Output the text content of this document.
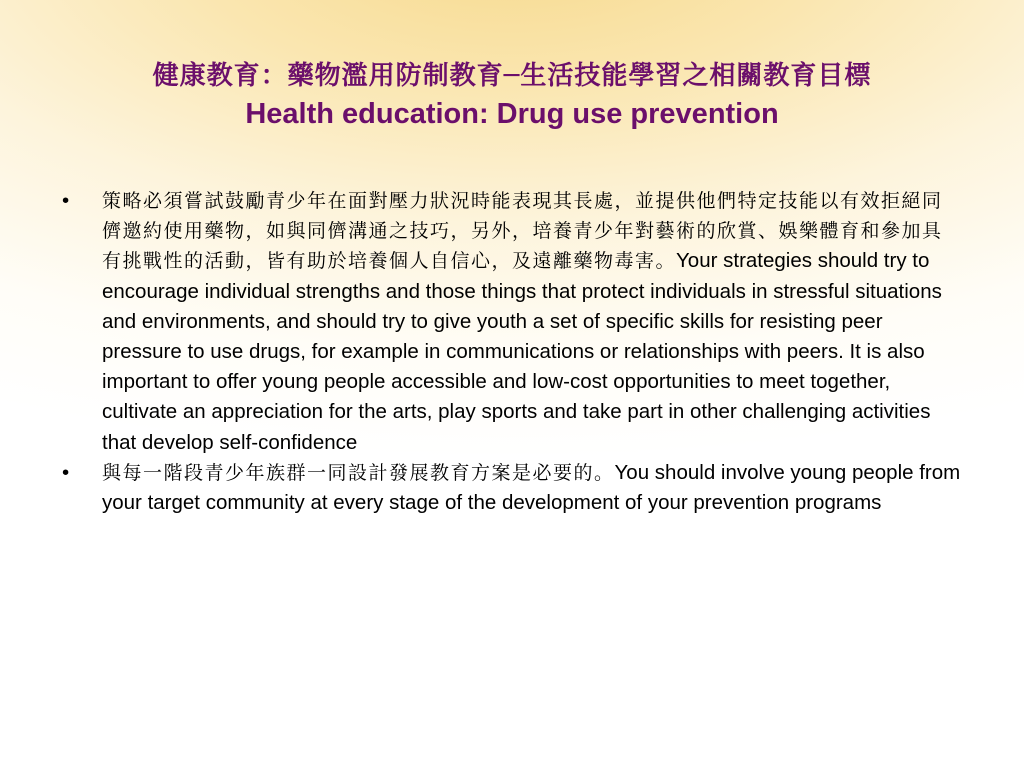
健康教育：藥物濫用防制教育─生活技能學習之相關教育目標
Health education: Drug use prevention
•	策略必須嘗試鼓勵青少年在面對壓力狀況時能表現其長處，並提供他們特定技能以有效拒絕同儕邀約使用藥物，如與同儕溝通之技巧，另外，培養青少年對藝術的欣賞、娛樂體育和參加具有挑戰性的活動，皆有助於培養個人自信心，及遠離藥物毒害。Your strategies should try to encourage individual strengths and those things that protect individuals in stressful situations and environments, and should try to give youth a set of specific skills for resisting peer pressure to use drugs, for example in communications or relationships with peers. It is also important to offer young people accessible and low-cost opportunities to meet together, cultivate an appreciation for the arts, play sports and take part in other challenging activities that develop self-confidence
•	與每一階段青少年族群一同設計發展教育方案是必要的。You should involve young people from your target community at every stage of the development of your prevention programs
